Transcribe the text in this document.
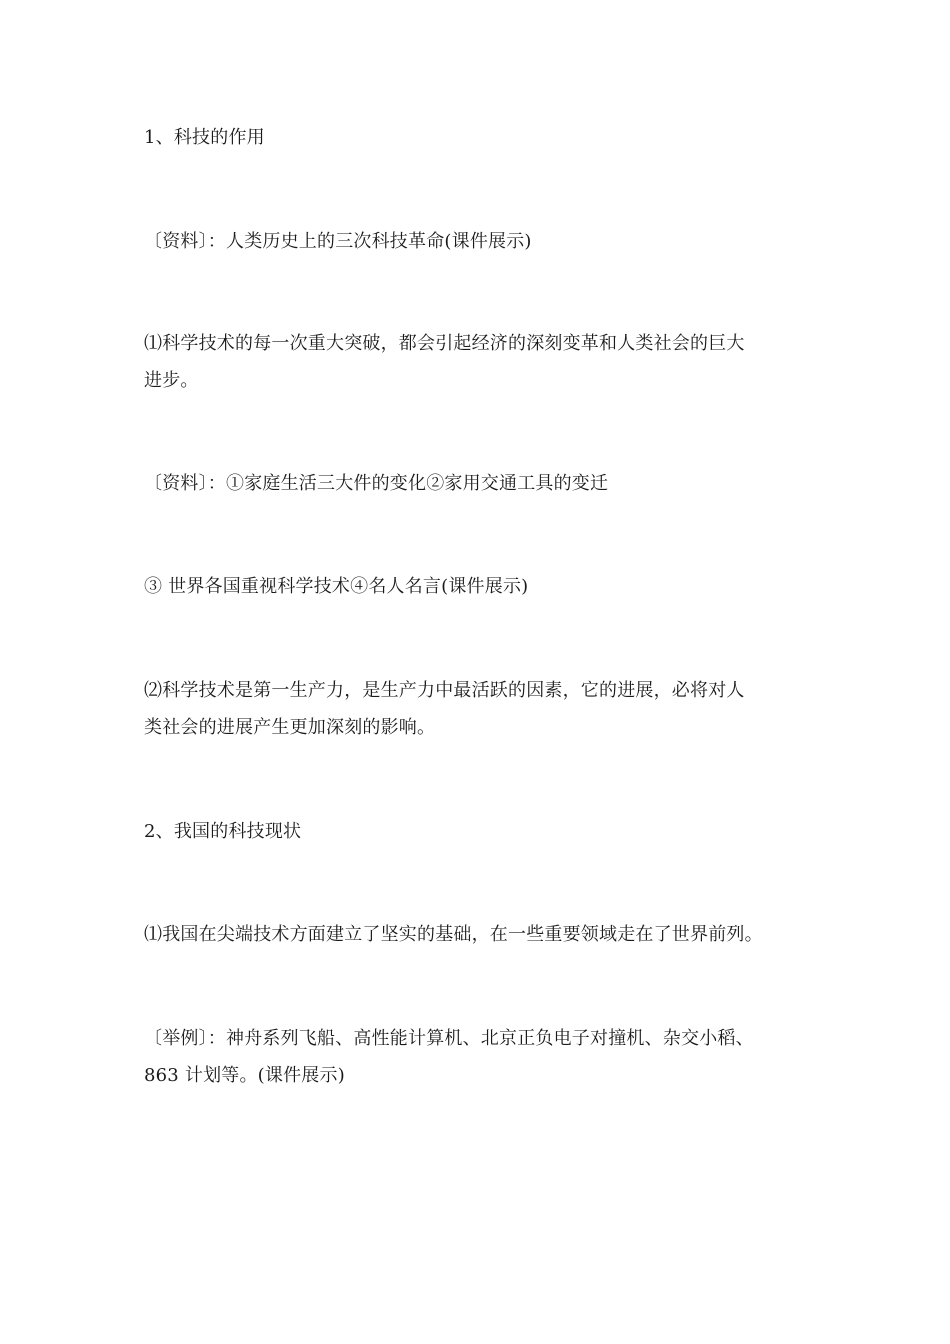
1、科技的作用
〔资料〕：人类历史上的三次科技革命(课件展示)
⑴科学技术的每一次重大突破，都会引起经济的深刻变革和人类社会的巨大
进步。
〔资料〕：①家庭生活三大件的变化②家用交通工具的变迁
③ 世界各国重视科学技术④名人名言(课件展示)
⑵科学技术是第一生产力，是生产力中最活跃的因素，它的进展，必将对人
类社会的进展产生更加深刻的影响。
2、我国的科技现状
⑴我国在尖端技术方面建立了坚实的基础，在一些重要领域走在了世界前列。
〔举例〕：神舟系列飞船、高性能计算机、北京正负电子对撞机、杂交小稻、
863 计划等。(课件展示)
